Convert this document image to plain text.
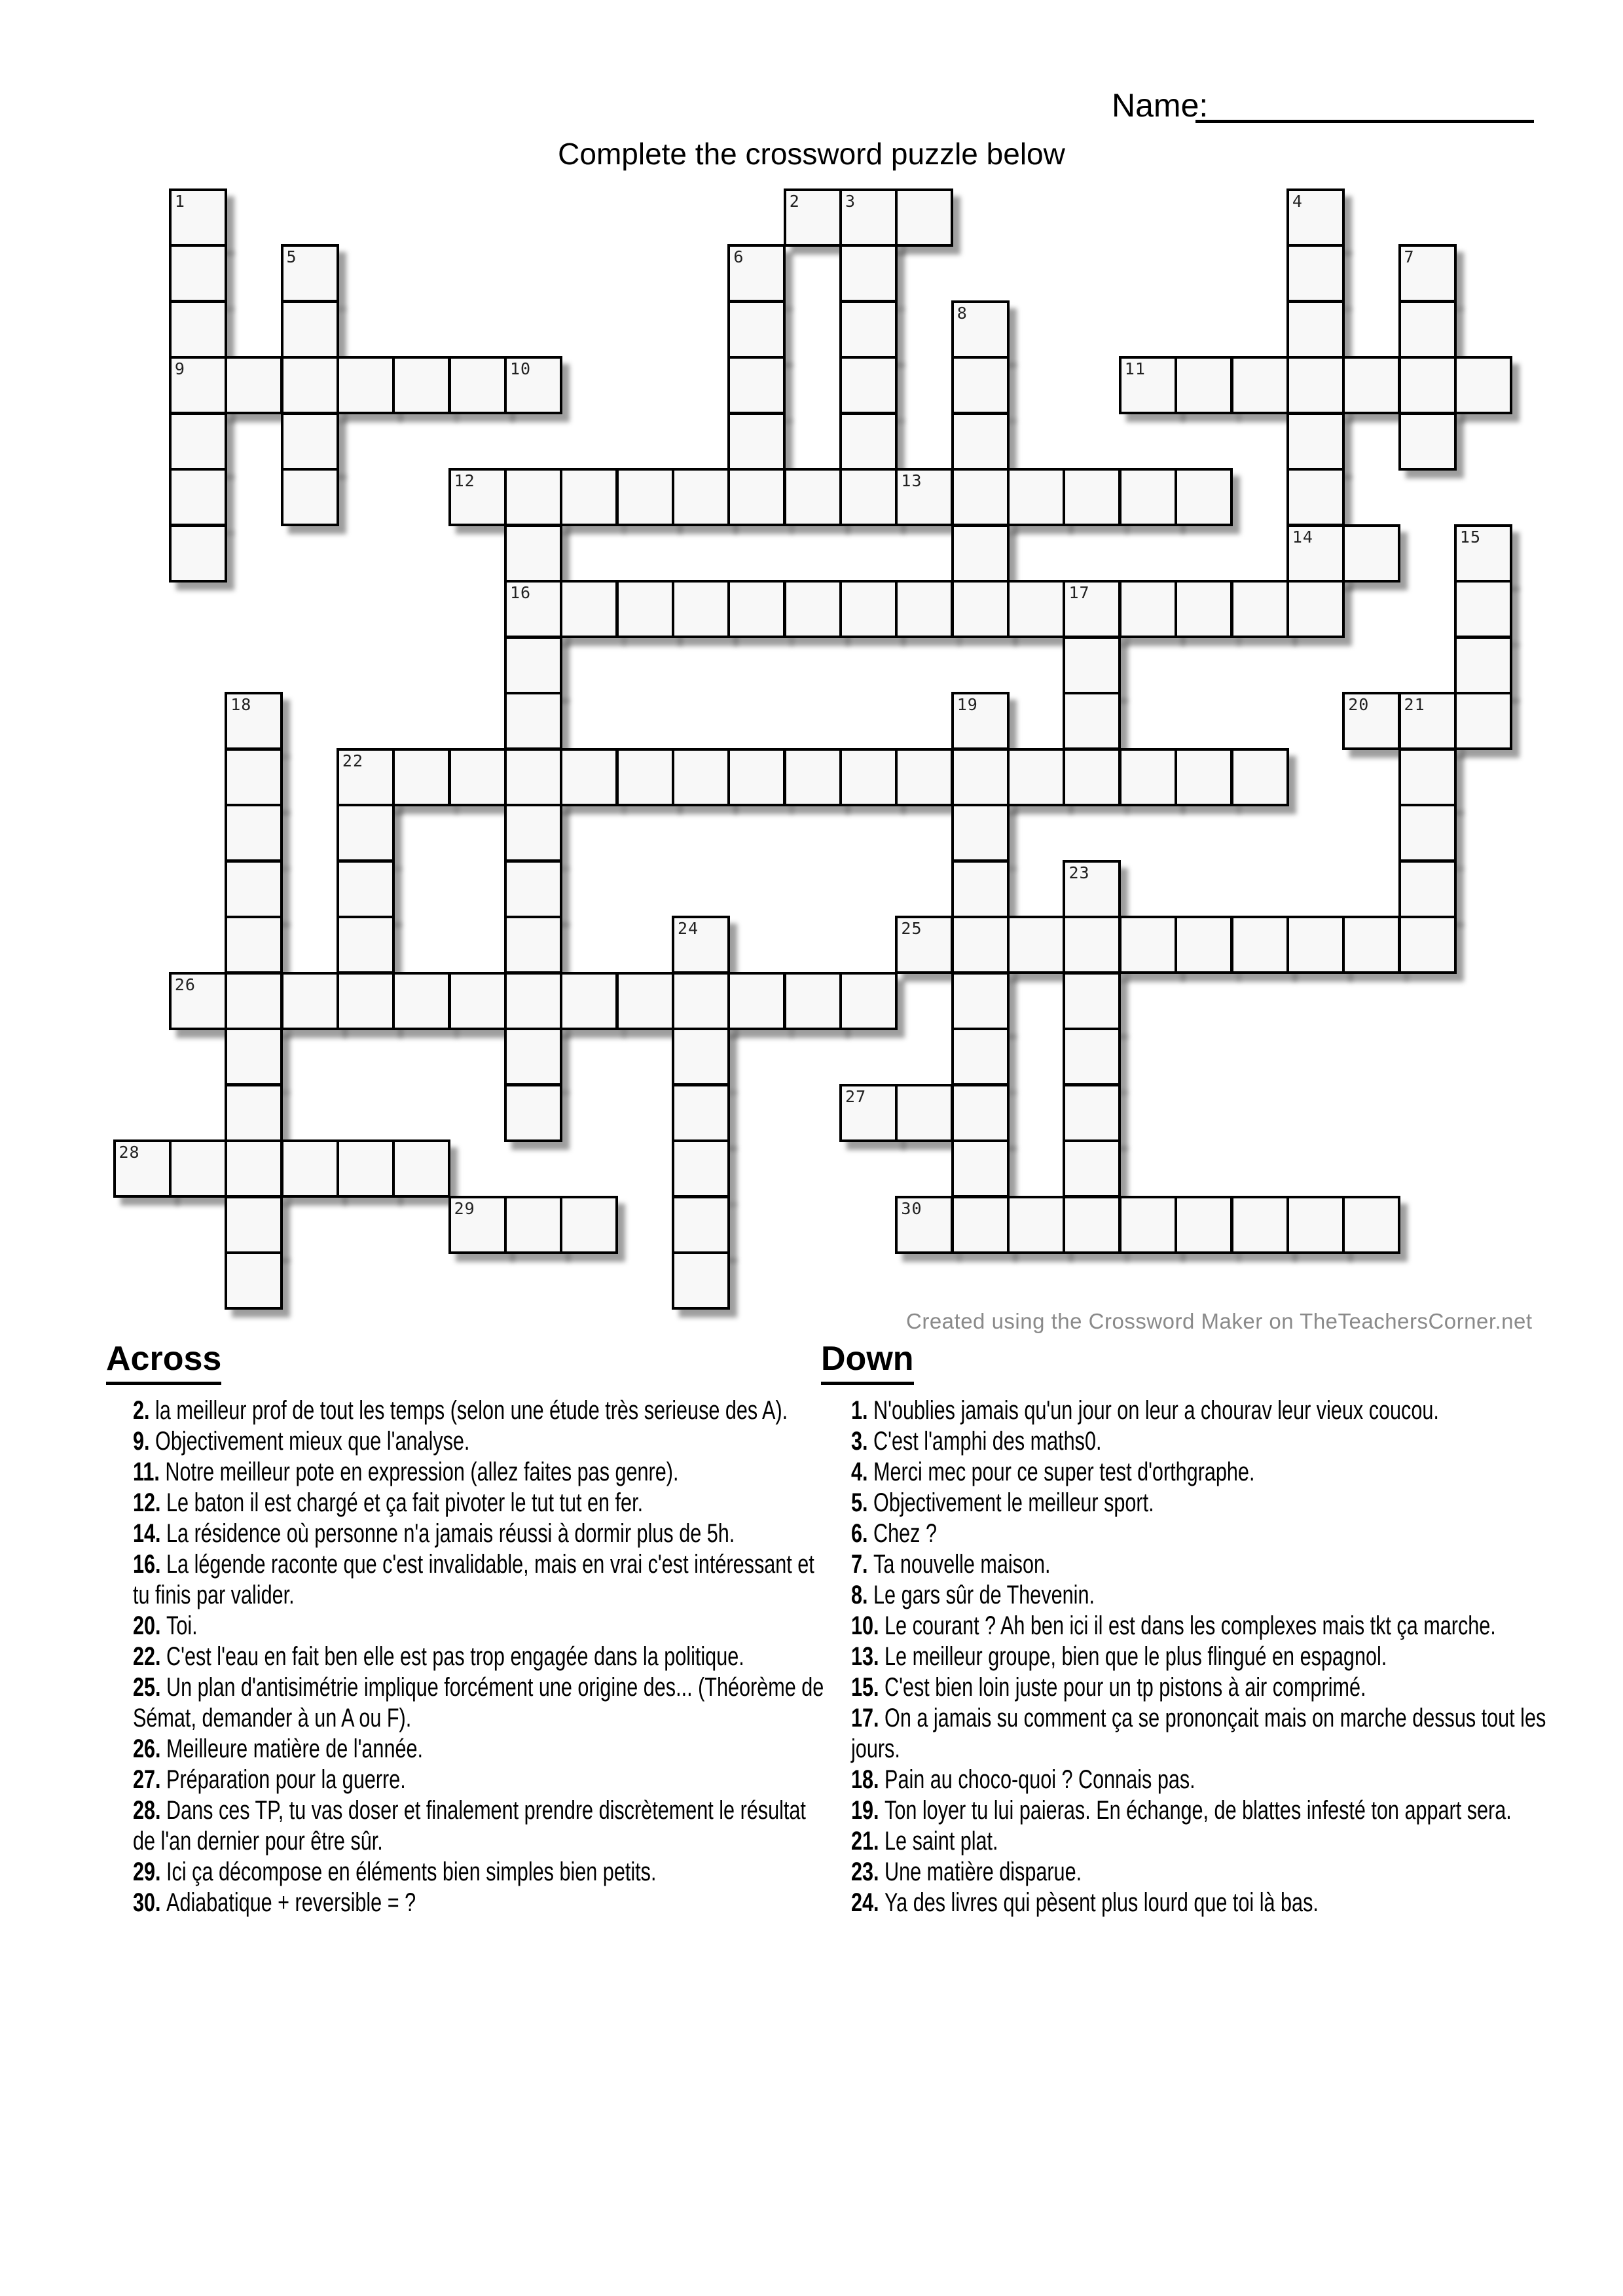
Name:
Complete the crossword puzzle below
1	2	3	4
5	6	7
8
9	10	11
12	13
14	15
16	17
18	19	20 21
22
23
24	25
26
27
28
29	30
Created using the Crossword Maker on TheTeachersCorner.net
Across	Down
2. la meilleur prof de tout les temps (selon une étude très serieuse des A).
9. Objectivement mieux que l'analyse.
11. Notre meilleur pote en expression (allez faites pas genre).
12. Le baton il est chargé et ça fait pivoter le tut tut en fer.
14. La résidence où personne n'a jamais réussi à dormir plus de 5h.
16. La légende raconte que c'est invalidable, mais en vrai c'est intéressant et tu finis par valider.
20. Toi.
22. C'est l'eau en fait ben elle est pas trop engagée dans la politique.
25. Un plan d'antisimétrie implique forcément une origine des... (Théorème de Sémat, demander à un A ou F).
26. Meilleure matière de l'année.
27. Préparation pour la guerre.
28. Dans ces TP, tu vas doser et finalement prendre discrètement le résultat de l'an dernier pour être sûr.
29. Ici ça décompose en éléments bien simples bien petits.
30. Adiabatique + reversible = ?
1. N'oublies jamais qu'un jour on leur a chourav leur vieux coucou.
3. C'est l'amphi des maths0.
4. Merci mec pour ce super test d'orthgraphe.
5. Objectivement le meilleur sport.
6. Chez ?
7. Ta nouvelle maison.
8. Le gars sûr de Thevenin.
10. Le courant ? Ah ben ici il est dans les complexes mais tkt ça marche.
13. Le meilleur groupe, bien que le plus flingué en espagnol.
15. C'est bien loin juste pour un tp pistons à air comprimé.
17. On a jamais su comment ça se prononçait mais on marche dessus tout les jours.
18. Pain au choco-quoi ? Connais pas.
19. Ton loyer tu lui paieras. En échange, de blattes infesté ton appart sera.
21. Le saint plat.
23. Une matière disparue.
24. Ya des livres qui pèsent plus lourd que toi là bas.
